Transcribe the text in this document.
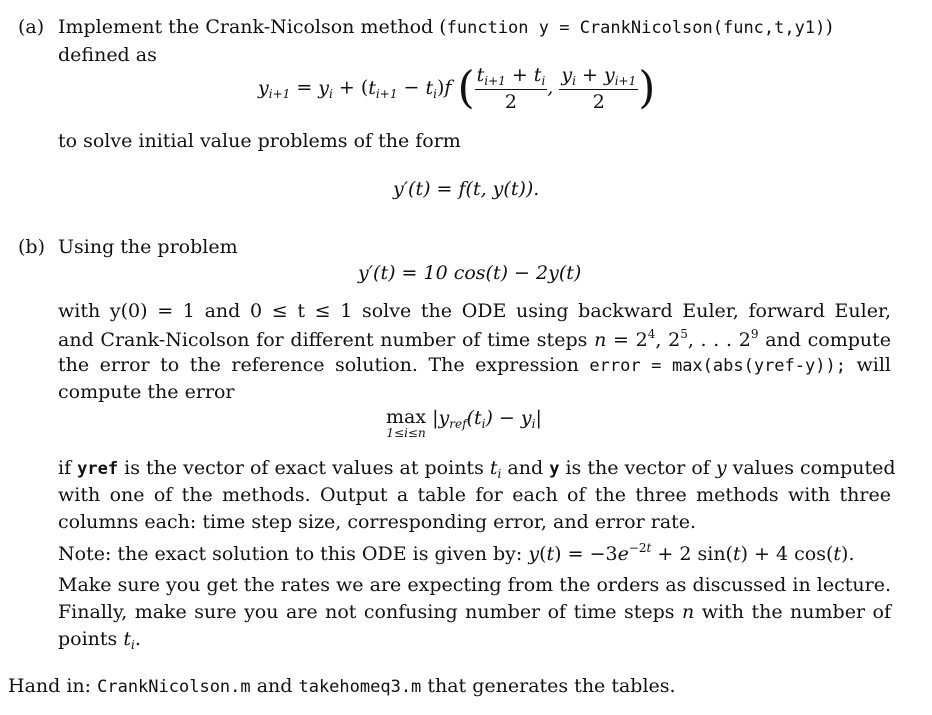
(a) Implement the Crank-Nicolson method (function y = CrankNicolson(func,t,y1))
defined as
$y_{i+1} = y_i + (t_{i+1} - t_i)f$ ( $\frac{t_{i+1} + t_i}{2}$ , $\frac{y_i + y_{i+1}}{2}$ )
to solve initial value problems of the form
y′(t) = f(t, y(t)).
(b) Using the problem
y′(t) = 10 cos(t) − 2y(t)
with y(0) = 1 and 0 ≤ t ≤ 1 solve the ODE using backward Euler, forward Euler,
and Crank-Nicolson for different number of time steps $n = 2^4$, $2^5$, . . . $2^9$ and compute
the error to the reference solution. The expression error = max(abs(yref-y)); will
compute the error
max
1≤i≤n
$|y_{ref}(t_i) - y_i|$
if yref is the vector of exact values at points $t_i$ and y is the vector of y values computed
with one of the methods. Output a table for each of the three methods with three
columns each: time step size, corresponding error, and error rate.
Note: the exact solution to this ODE is given by: $y(t) = -3e^{-2t} + 2$ sin(t) + 4 cos(t).
Make sure you get the rates we are expecting from the orders as discussed in lecture.
Finally, make sure you are not confusing number of time steps n with the number of
points $t_i$.
Hand in: CrankNicolson.m and takehomeq3.m that generates the tables.
